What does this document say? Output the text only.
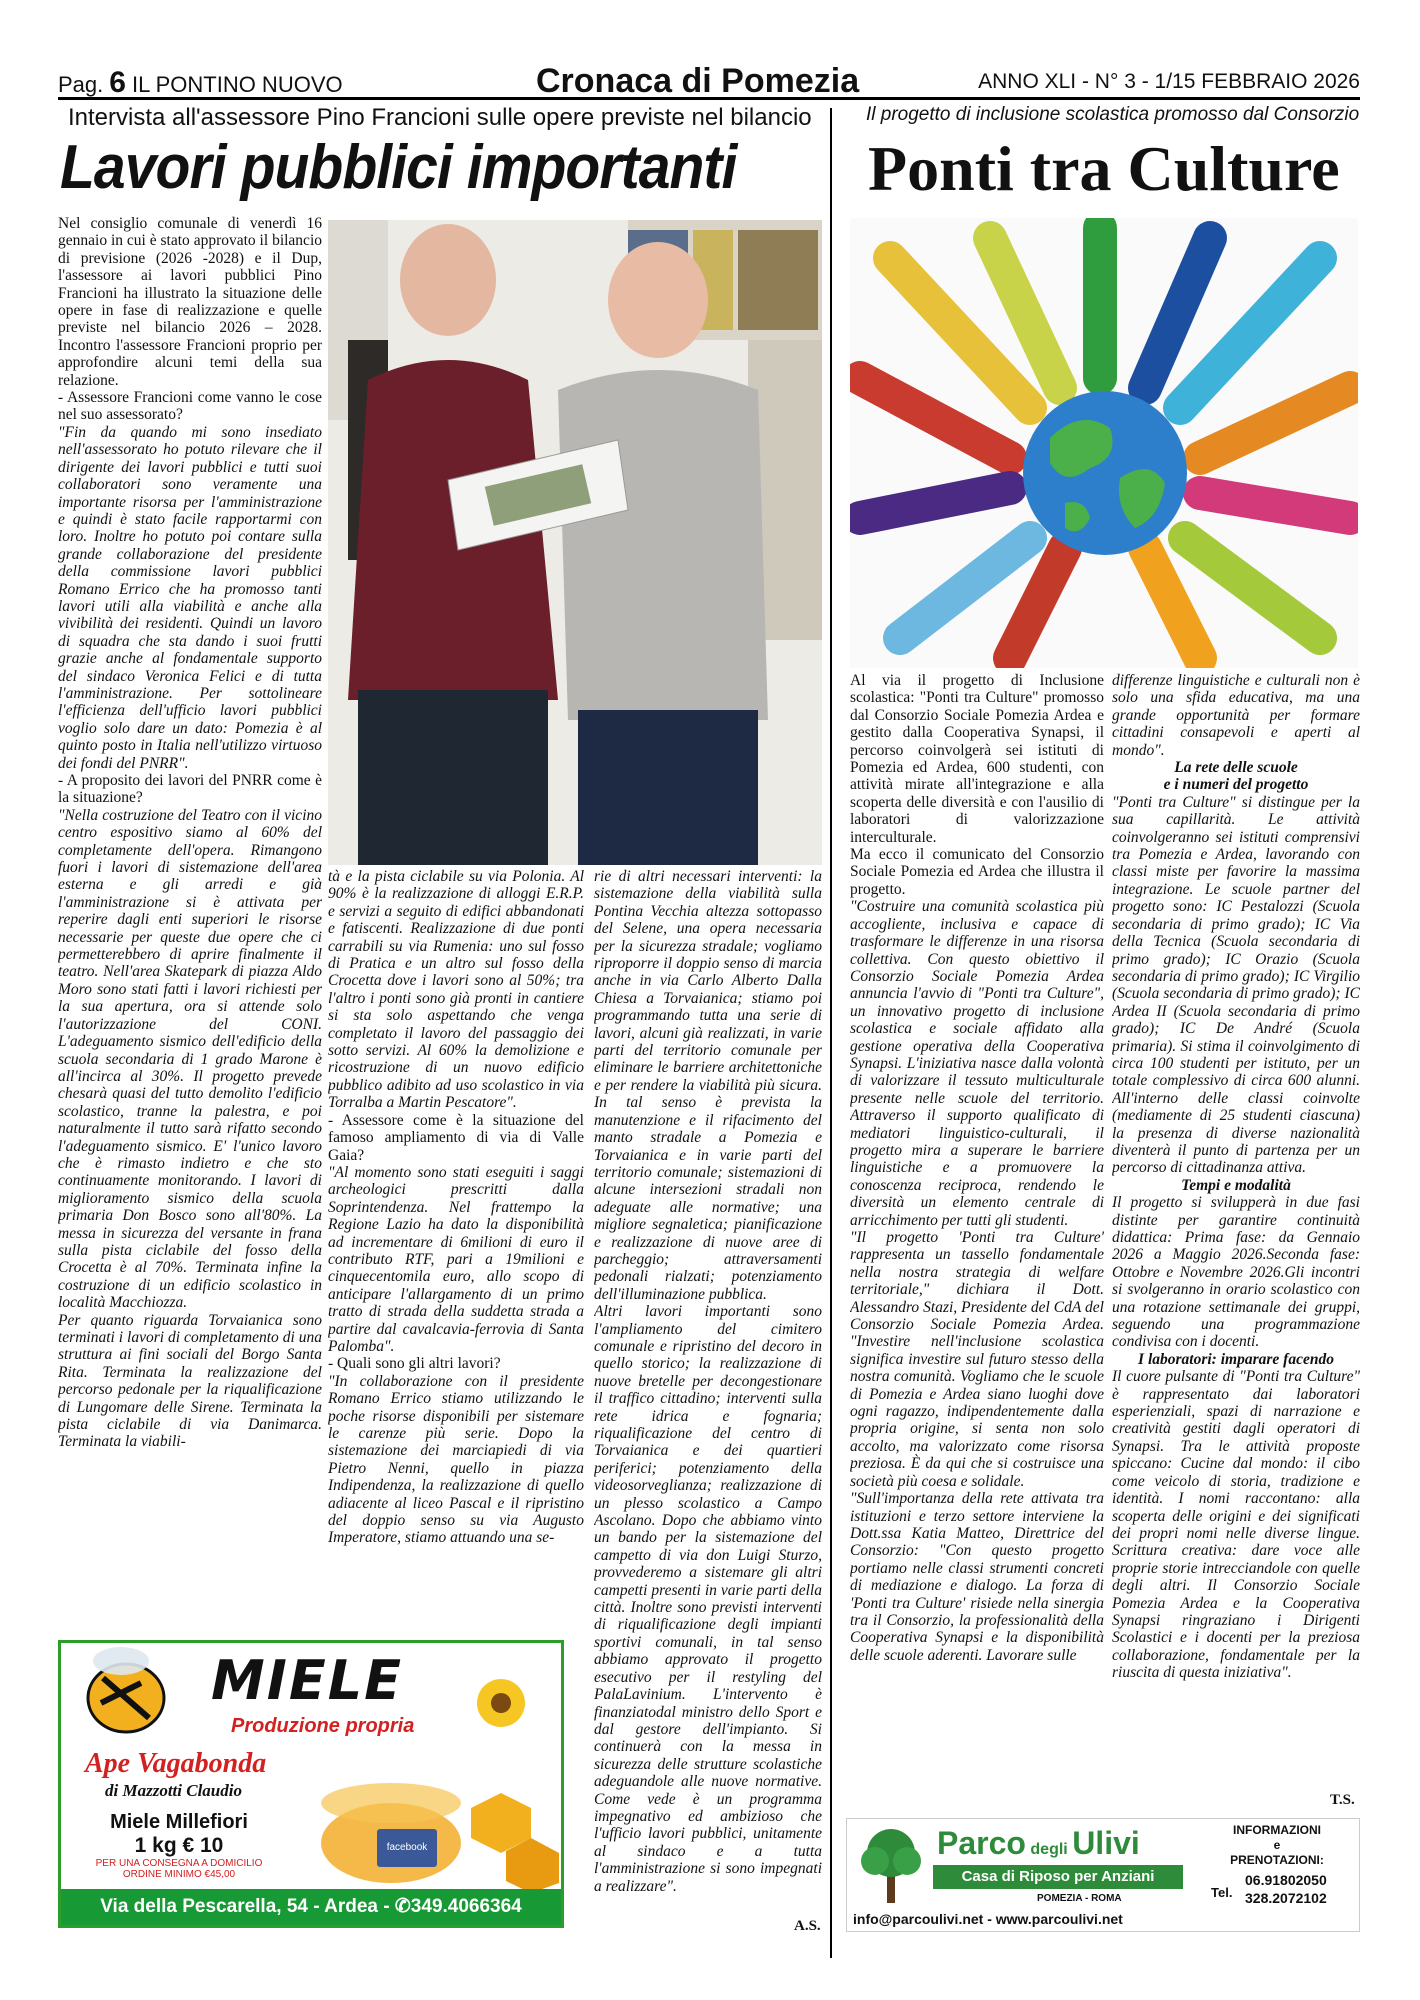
Pag. 6 IL PONTINO NUOVO	Cronaca di Pomezia	ANNO XLI - N° 3 - 1/15 FEBBRAIO 2026
Intervista all'assessore Pino Francioni sulle opere previste nel bilancio
Lavori pubblici importanti

Nel consiglio comunale di venerdì 16 gennaio in cui è stato approvato il bilancio di previsione (2026 -2028) e il Dup, l'assessore ai lavori pubblici Pino Francioni ha illustrato la situazione delle opere in fase di realizzazione e quelle previste nel bilancio 2026 – 2028. Incontro l'assessore Francioni proprio per approfondire alcuni temi della sua relazione.

- Assessore Francioni come vanno le cose nel suo assessorato?

"Fin da quando mi sono insediato nell'assessorato ho potuto rilevare che il dirigente dei lavori pubblici e tutti suoi collaboratori sono veramente una importante risorsa per l'amministrazione e quindi è stato facile rapportarmi con loro. Inoltre ho potuto poi contare sulla grande collaborazione del presidente della commissione lavori pubblici Romano Errico che ha promosso tanti lavori utili alla viabilità e anche alla vivibilità dei residenti. Quindi un lavoro di squadra che sta dando i suoi frutti grazie anche al fondamentale supporto del sindaco Veronica Felici e di tutta l'amministrazione. Per sottolineare l'efficienza dell'ufficio lavori pubblici voglio solo dare un dato: Pomezia è al quinto posto in Italia nell'utilizzo virtuoso dei fondi del PNRR".

- A proposito dei lavori del PNRR come è la situazione?

"Nella costruzione del Teatro con il vicino centro espositivo siamo al 60% del completamente dell'opera. Rimangono fuori i lavori di sistemazione dell'area esterna e gli arredi e già l'amministrazione si è attivata per reperire dagli enti superiori le risorse necessarie per queste due opere che ci permetterebbero di aprire finalmente il teatro. Nell'area Skatepark di piazza Aldo Moro sono stati fatti i lavori richiesti per la sua apertura, ora si attende solo l'autorizzazione del CONI. L'adeguamento sismico dell'edificio della scuola secondaria di 1 grado Marone è all'incirca al 30%. Il progetto prevede chesarà quasi del tutto demolito l'edificio scolastico, tranne la palestra, e poi naturalmente il tutto sarà rifatto secondo l'adeguamento sismico. E' l'unico lavoro che è rimasto indietro e che sto continuamente monitorando. I lavori di miglioramento sismico della scuola primaria Don Bosco sono all'80%. La messa in sicurezza del versante in frana sulla pista ciclabile del fosso della Crocetta è al 70%. Terminata infine la costruzione di un edificio scolastico in località Macchiozza.

Per quanto riguarda Torvaianica sono terminati i lavori di completamento di una struttura ai fini sociali del Borgo Santa Rita. Terminata la realizzazione del percorso pedonale per la riqualificazione di Lungomare delle Sirene. Terminata la pista ciclabile di via Danimarca. Terminata la viabili-

tà e la pista ciclabile su via Polonia. Al 90% è la realizzazione di alloggi E.R.P. e servizi a seguito di edifici abbandonati e fatiscenti. Realizzazione di due ponti carrabili su via Rumenia: uno sul fosso di Pratica e un altro sul fosso della Crocetta dove i lavori sono al 50%; tra l'altro i ponti sono già pronti in cantiere si sta solo aspettando che venga completato il lavoro del passaggio dei sotto servizi. Al 60% la demolizione e ricostruzione di un nuovo edificio pubblico adibito ad uso scolastico in via Torralba a Martin Pescatore".

- Assessore come è la situazione del famoso ampliamento di via di Valle Gaia?

"Al momento sono stati eseguiti i saggi archeologici prescritti dalla Soprintendenza. Nel frattempo la Regione Lazio ha dato la disponibilità ad incrementare di 6milioni di euro il contributo RTF, pari a 19milioni e cinquecentomila euro, allo scopo di anticipare l'allargamento di un primo tratto di strada della suddetta strada a partire dal cavalcavia-ferrovia di Santa Palomba".

- Quali sono gli altri lavori?

"In collaborazione con il presidente Romano Errico stiamo utilizzando le poche risorse disponibili per sistemare le carenze più serie. Dopo la sistemazione dei marciapiedi di via Pietro Nenni, quello in piazza Indipendenza, la realizzazione di quello adiacente al liceo Pascal e il ripristino del doppio senso su via Augusto Imperatore, stiamo attuando una se-

rie di altri necessari interventi: la sistemazione della viabilità sulla Pontina Vecchia altezza sottopasso del Selene, una opera necessaria per la sicurezza stradale; vogliamo riproporre il doppio senso di marcia anche in via Carlo Alberto Dalla Chiesa a Torvaianica; stiamo poi programmando tutta una serie di lavori, alcuni già realizzati, in varie parti del territorio comunale per eliminare le barriere architettoniche e per rendere la viabilità più sicura. In tal senso è prevista la manutenzione e il rifacimento del manto stradale a Pomezia e Torvaianica e in varie parti del territorio comunale; sistemazioni di alcune intersezioni stradali non adeguate alle normative; una migliore segnaletica; pianificazione e realizzazione di nuove aree di parcheggio; attraversamenti pedonali rialzati; potenziamento dell'illuminazione pubblica.

Altri lavori importanti sono l'ampliamento del cimitero comunale e ripristino del decoro in quello storico; la realizzazione di nuove bretelle per decongestionare il traffico cittadino; interventi sulla rete idrica e fognaria; riqualificazione del centro di Torvaianica e dei quartieri periferici; potenziamento della videosorveglianza; realizzazione di un plesso scolastico a Campo Ascolano. Dopo che abbiamo vinto un bando per la sistemazione del campetto di via don Luigi Sturzo, provvederemo a sistemare gli altri campetti presenti in varie parti della città. Inoltre sono previsti interventi di riqualificazione degli impianti sportivi comunali, in tal senso abbiamo approvato il progetto esecutivo per il restyling del PalaLavinium. L'intervento è finanziatodal ministro dello Sport e dal gestore dell'impianto. Si continuerà con la messa in sicurezza delle strutture scolastiche adeguandole alle nuove normative. Come vede è un programma impegnativo ed ambizioso che l'ufficio lavori pubblici, unitamente al sindaco e a tutta l'amministrazione si sono impegnati a realizzare".

A.S.
MIELE
Produzione propria
Ape Vagabonda
di Mazzotti Claudio
Miele Millefiori
1 kg € 10
PER UNA CONSEGNA A DOMICILIO
ORDINE MINIMO €45,00
facebook
Via della Pescarella, 54 - Ardea - ✆349.4066364
Il progetto di inclusione scolastica promosso dal Consorzio
Ponti tra Culture

Al via il progetto di Inclusione scolastica: "Ponti tra Culture" promosso dal Consorzio Sociale Pomezia Ardea e gestito dalla Cooperativa Synapsi, il percorso coinvolgerà sei istituti di Pomezia ed Ardea, 600 studenti, con attività mirate all'integrazione e alla scoperta delle diversità e con l'ausilio di laboratori di valorizzazione interculturale.

Ma ecco il comunicato del Consorzio Sociale Pomezia ed Ardea che illustra il progetto.

"Costruire una comunità scolastica più accogliente, inclusiva e capace di trasformare le differenze in una risorsa collettiva. Con questo obiettivo il Consorzio Sociale Pomezia Ardea annuncia l'avvio di "Ponti tra Culture", un innovativo progetto di inclusione scolastica e sociale affidato alla gestione operativa della Cooperativa Synapsi. L'iniziativa nasce dalla volontà di valorizzare il tessuto multiculturale presente nelle scuole del territorio. Attraverso il supporto qualificato di mediatori linguistico-culturali, il progetto mira a superare le barriere linguistiche e a promuovere la conoscenza reciproca, rendendo le diversità un elemento centrale di arricchimento per tutti gli studenti.

"Il progetto 'Ponti tra Culture' rappresenta un tassello fondamentale nella nostra strategia di welfare territoriale," dichiara il Dott. Alessandro Stazi, Presidente del CdA del Consorzio Sociale Pomezia Ardea. "Investire nell'inclusione scolastica significa investire sul futuro stesso della nostra comunità. Vogliamo che le scuole di Pomezia e Ardea siano luoghi dove ogni ragazzo, indipendentemente dalla propria origine, si senta non solo accolto, ma valorizzato come risorsa preziosa. È da qui che si costruisce una società più coesa e solidale.

"Sull'importanza della rete attivata tra istituzioni e terzo settore interviene la Dott.ssa Katia Matteo, Direttrice del Consorzio: "Con questo progetto portiamo nelle classi strumenti concreti di mediazione e dialogo. La forza di 'Ponti tra Culture' risiede nella sinergia tra il Consorzio, la professionalità della Cooperativa Synapsi e la disponibilità delle scuole aderenti. Lavorare sulle

differenze linguistiche e culturali non è solo una sfida educativa, ma una grande opportunità per formare cittadini consapevoli e aperti al mondo".

La rete delle scuole

e i numeri del progetto

"Ponti tra Culture" si distingue per la sua capillarità. Le attività coinvolgeranno sei istituti comprensivi tra Pomezia e Ardea, lavorando con classi miste per favorire la massima integrazione. Le scuole partner del progetto sono: IC Pestalozzi (Scuola secondaria di primo grado); IC Via della Tecnica (Scuola secondaria di primo grado); IC Orazio (Scuola secondaria di primo grado); IC Virgilio (Scuola secondaria di primo grado); IC Ardea II (Scuola secondaria di primo grado); IC De André (Scuola primaria). Si stima il coinvolgimento di circa 100 studenti per istituto, per un totale complessivo di circa 600 alunni. All'interno delle classi coinvolte (mediamente di 25 studenti ciascuna) la presenza di diverse nazionalità diventerà il punto di partenza per un percorso di cittadinanza attiva.

Tempi e modalità

Il progetto si svilupperà in due fasi distinte per garantire continuità didattica: Prima fase: da Gennaio 2026 a Maggio 2026.Seconda fase: Ottobre e Novembre 2026.Gli incontri si svolgeranno in orario scolastico con una rotazione settimanale dei gruppi, seguendo una programmazione condivisa con i docenti.

I laboratori: imparare facendo

Il cuore pulsante di "Ponti tra Culture" è rappresentato dai laboratori esperienziali, spazi di narrazione e creatività gestiti dagli operatori di Synapsi. Tra le attività proposte spiccano: Cucine dal mondo: il cibo come veicolo di storia, tradizione e identità. I nomi raccontano: alla scoperta delle origini e dei significati dei propri nomi nelle diverse lingue. Scrittura creativa: dare voce alle proprie storie intrecciandole con quelle degli altri. Il Consorzio Sociale Pomezia Ardea e la Cooperativa Synapsi ringraziano i Dirigenti Scolastici e i docenti per la preziosa collaborazione, fondamentale per la riuscita di questa iniziativa".

T.S.
Parco degli Ulivi
Casa di Riposo per Anziani
POMEZIA - ROMA
info@parcoulivi.net - www.parcoulivi.net
INFORMAZIONI
e
PRENOTAZIONI:
Tel.
06.91802050
328.2072102
